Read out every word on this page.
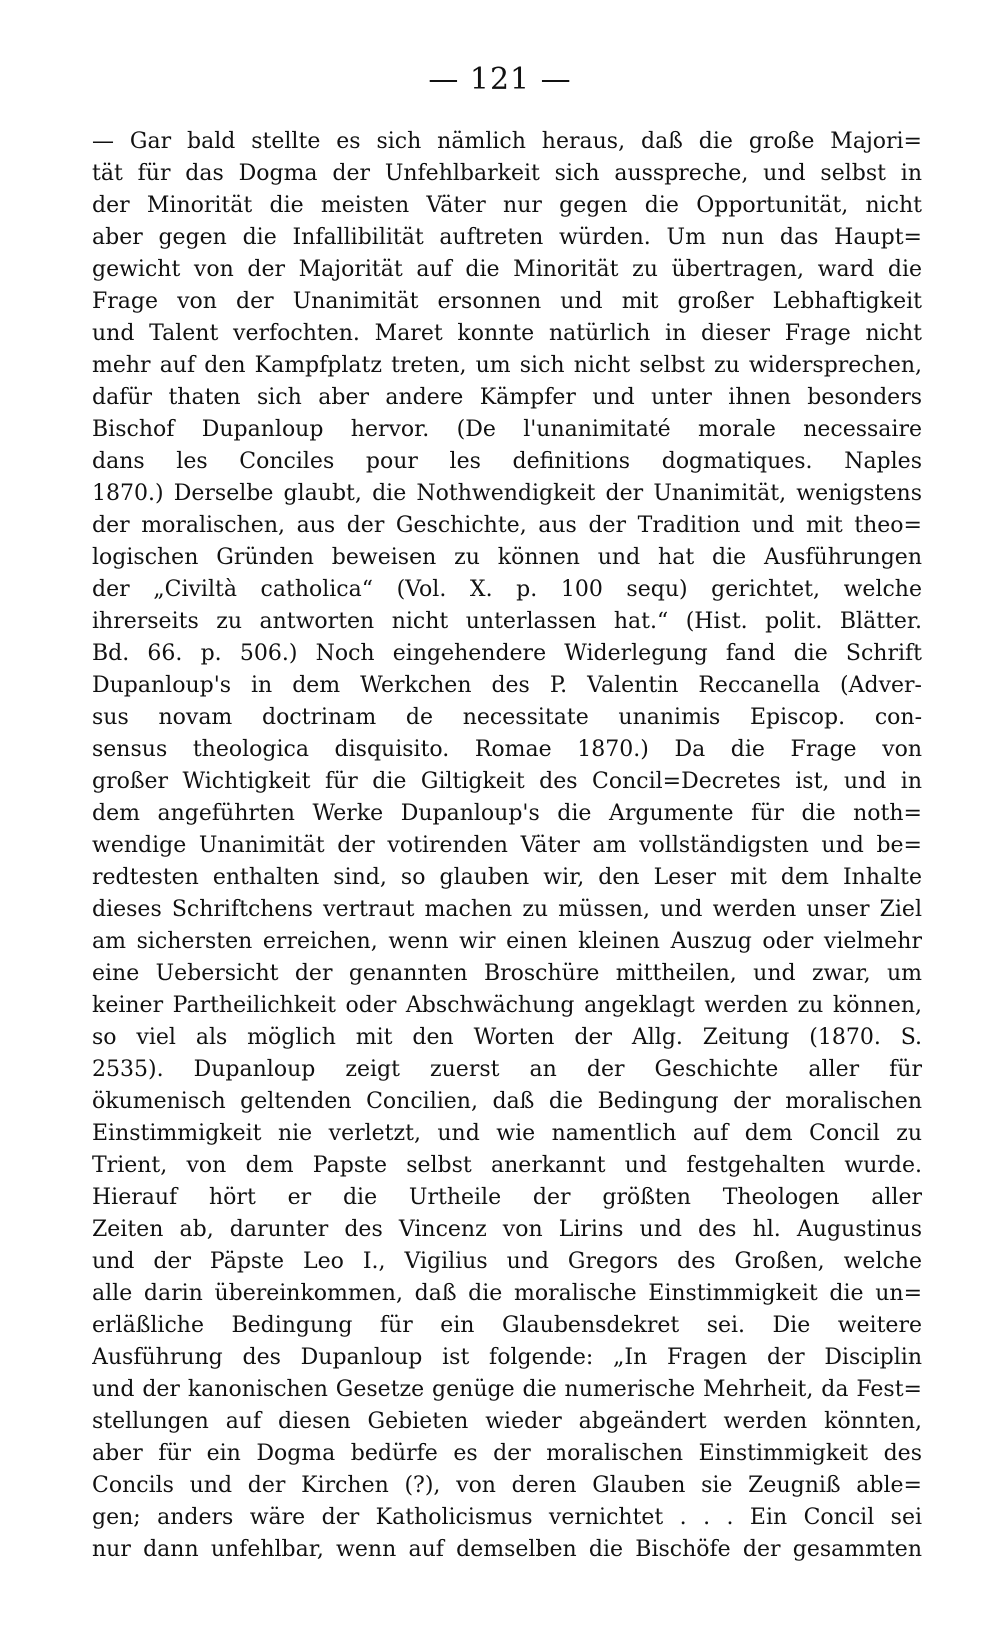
— 121 —
— Gar bald stellte es sich nämlich heraus, daß die große Majori=
tät für das Dogma der Unfehlbarkeit sich ausspreche, und selbst in
der Minorität die meisten Väter nur gegen die Opportunität, nicht
aber gegen die Infallibilität auftreten würden. Um nun das Haupt=
gewicht von der Majorität auf die Minorität zu übertragen, ward die
Frage von der Unanimität ersonnen und mit großer Lebhaftigkeit
und Talent verfochten. Maret konnte natürlich in dieser Frage nicht
mehr auf den Kampfplatz treten, um sich nicht selbst zu widersprechen,
dafür thaten sich aber andere Kämpfer und unter ihnen besonders
Bischof Dupanloup hervor. (De l'unanimitaté morale necessaire
dans les Conciles pour les definitions dogmatiques. Naples
1870.) Derselbe glaubt, die Nothwendigkeit der Unanimität, wenigstens
der moralischen, aus der Geschichte, aus der Tradition und mit theo=
logischen Gründen beweisen zu können und hat die Ausführungen
der „Civiltà catholica“ (Vol. X. p. 100 sequ) gerichtet, welche
ihrerseits zu antworten nicht unterlassen hat.“ (Hist. polit. Blätter.
Bd. 66. p. 506.) Noch eingehendere Widerlegung fand die Schrift
Dupanloup's in dem Werkchen des P. Valentin Reccanella (Adver-
sus novam doctrinam de necessitate unanimis Episcop. con-
sensus theologica disquisito. Romae 1870.) Da die Frage von
großer Wichtigkeit für die Giltigkeit des Concil=Decretes ist, und in
dem angeführten Werke Dupanloup's die Argumente für die noth=
wendige Unanimität der votirenden Väter am vollständigsten und be=
redtesten enthalten sind, so glauben wir, den Leser mit dem Inhalte
dieses Schriftchens vertraut machen zu müssen, und werden unser Ziel
am sichersten erreichen, wenn wir einen kleinen Auszug oder vielmehr
eine Uebersicht der genannten Broschüre mittheilen, und zwar, um
keiner Partheilichkeit oder Abschwächung angeklagt werden zu können,
so viel als möglich mit den Worten der Allg. Zeitung (1870. S.
2535). Dupanloup zeigt zuerst an der Geschichte aller für
ökumenisch geltenden Concilien, daß die Bedingung der moralischen
Einstimmigkeit nie verletzt, und wie namentlich auf dem Concil zu
Trient, von dem Papste selbst anerkannt und festgehalten wurde.
Hierauf hört er die Urtheile der größten Theologen aller
Zeiten ab, darunter des Vincenz von Lirins und des hl. Augustinus
und der Päpste Leo I., Vigilius und Gregors des Großen, welche
alle darin übereinkommen, daß die moralische Einstimmigkeit die un=
erläßliche Bedingung für ein Glaubensdekret sei. Die weitere
Ausführung des Dupanloup ist folgende: „In Fragen der Disciplin
und der kanonischen Gesetze genüge die numerische Mehrheit, da Fest=
stellungen auf diesen Gebieten wieder abgeändert werden könnten,
aber für ein Dogma bedürfe es der moralischen Einstimmigkeit des
Concils und der Kirchen (?), von deren Glauben sie Zeugniß able=
gen; anders wäre der Katholicismus vernichtet . . . Ein Concil sei
nur dann unfehlbar, wenn auf demselben die Bischöfe der gesammten
